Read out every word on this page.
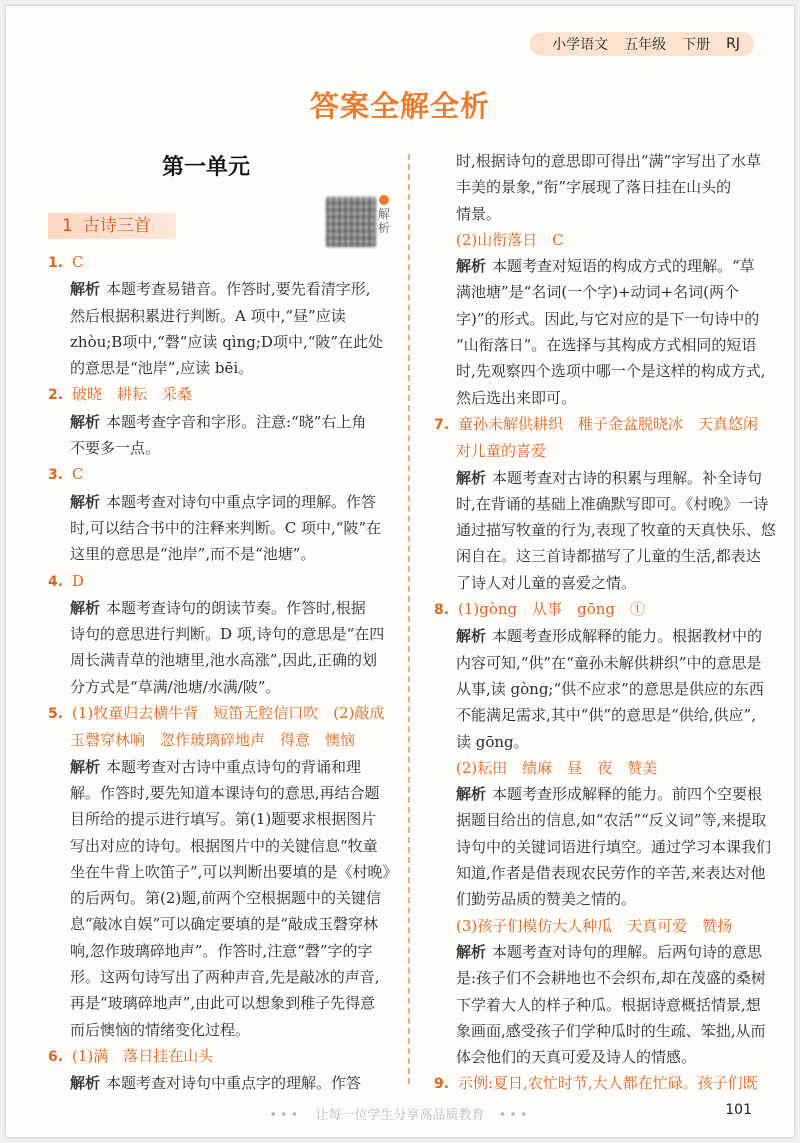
小学语文 五年级 下册 RJ
答案全解全析
第一单元
1 古诗三首
解
析
1. C
解析 本题考查易错音。作答时,要先看清字形,
然后根据积累进行判断。A 项中,“昼”应读
zhòu;B项中,“磬”应读 qìng;D项中,“陂”在此处
的意思是“池岸”,应读 bēi。
2. 破晓　耕耘　采桑
解析 本题考查字音和字形。注意:“晓”右上角
不要多一点。
3. C
解析 本题考查对诗句中重点字词的理解。作答
时,可以结合书中的注释来判断。C 项中,“陂”在
这里的意思是“池岸”,而不是“池塘”。
4. D
解析 本题考查诗句的朗读节奏。作答时,根据
诗句的意思进行判断。D 项,诗句的意思是“在四
周长满青草的池塘里,池水高涨”,因此,正确的划
分方式是“草满/池塘/水满/陂”。
5. (1)牧童归去横牛背　短笛无腔信口吹　(2)敲成
玉磬穿林响　忽作玻璃碎地声　得意　懊恼
解析 本题考查对古诗中重点诗句的背诵和理
解。作答时,要先知道本课诗句的意思,再结合题
目所给的提示进行填写。第(1)题要求根据图片
写出对应的诗句。根据图片中的关键信息“牧童
坐在牛背上吹笛子”,可以判断出要填的是《村晚》
的后两句。第(2)题,前两个空根据题中的关键信
息“敲冰自娱”可以确定要填的是“敲成玉磬穿林
响,忽作玻璃碎地声”。作答时,注意“磬”字的字
形。这两句诗写出了两种声音,先是敲冰的声音,
再是“玻璃碎地声”,由此可以想象到稚子先得意
而后懊恼的情绪变化过程。
6. (1)满　落日挂在山头
解析 本题考查对诗句中重点字的理解。作答
时,根据诗句的意思即可得出“满”字写出了水草
丰美的景象,“衔”字展现了落日挂在山头的
情景。
(2)山衔落日　C
解析 本题考查对短语的构成方式的理解。“草
满池塘”是“名词(一个字)+动词+名词(两个
字)”的形式。因此,与它对应的是下一句诗中的
“山衔落日”。在选择与其构成方式相同的短语
时,先观察四个选项中哪一个是这样的构成方式,
然后选出来即可。
7. 童孙未解供耕织　稚子金盆脱晓冰　天真悠闲
对儿童的喜爱
解析 本题考查对古诗的积累与理解。补全诗句
时,在背诵的基础上准确默写即可。《村晚》一诗
通过描写牧童的行为,表现了牧童的天真快乐、悠
闲自在。这三首诗都描写了儿童的生活,都表达
了诗人对儿童的喜爱之情。
8. (1)gòng　从事　gōng　①
解析 本题考查形成解释的能力。根据教材中的
内容可知,“供”在“童孙未解供耕织”中的意思是
从事,读 gòng;“供不应求”的意思是供应的东西
不能满足需求,其中“供”的意思是“供给,供应”,
读 gōng。
(2)耘田　绩麻　昼　夜　赞美
解析 本题考查形成解释的能力。前四个空要根
据题目给出的信息,如“农活”“反义词”等,来提取
诗句中的关键词语进行填空。通过学习本课我们
知道,作者是借表现农民劳作的辛苦,来表达对他
们勤劳品质的赞美之情的。
(3)孩子们模仿大人种瓜　天真可爱　赞扬
解析 本题考查对诗句的理解。后两句诗的意思
是:孩子们不会耕地也不会织布,却在茂盛的桑树
下学着大人的样子种瓜。根据诗意概括情景,想
象画面,感受孩子们学种瓜时的生疏、笨拙,从而
体会他们的天真可爱及诗人的情感。
9. 示例:夏日,农忙时节,大人都在忙碌。孩子们既
••• 让每一位学生分享高品质教育 •••	101
